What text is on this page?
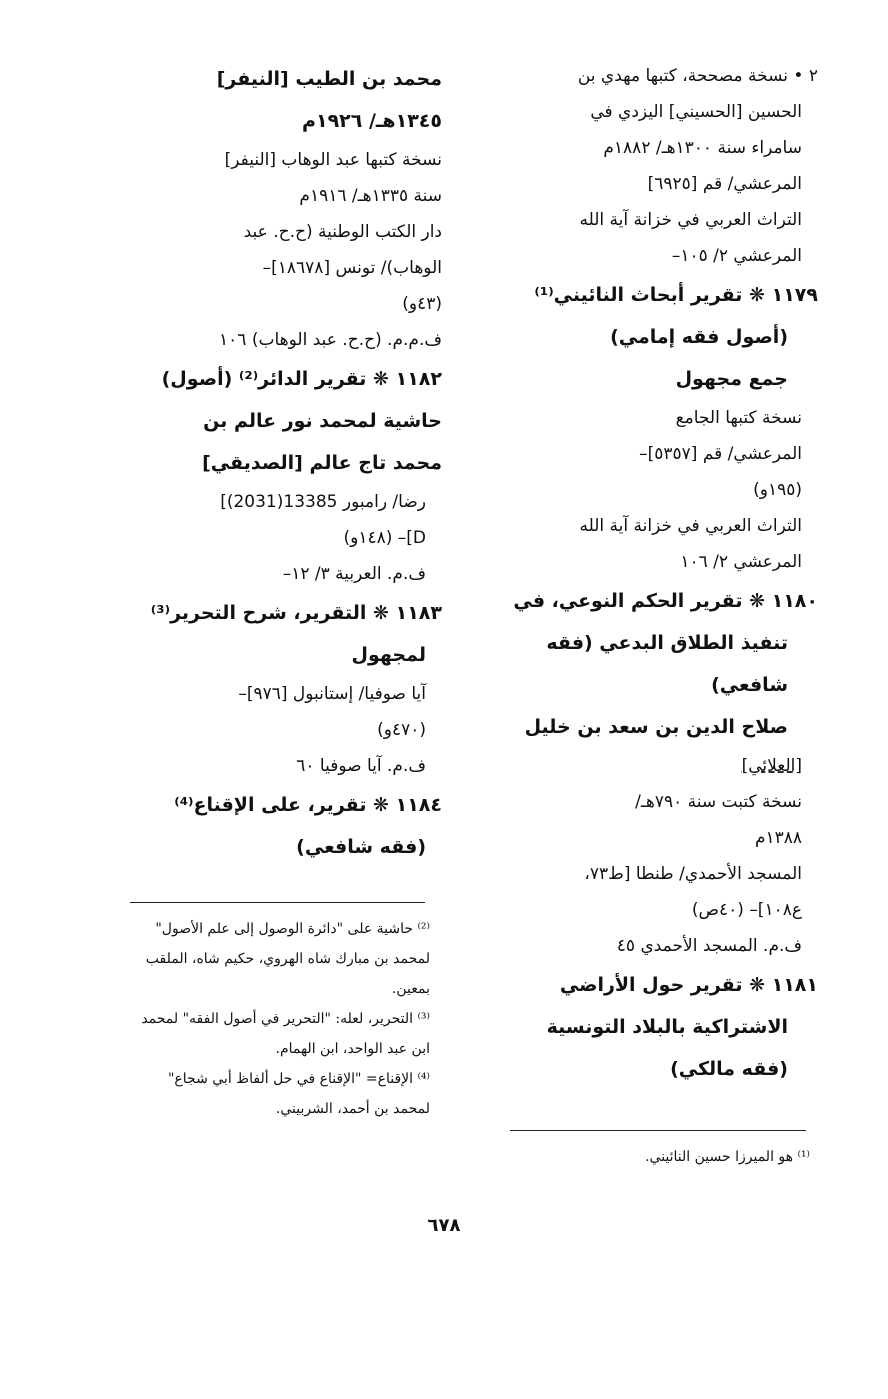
٢ • نسخة مصححة، كتبها مهدي بن
الحسين [الحسيني] اليزدي في
سامراء سنة ١٣٠٠هـ/ ١٨٨٢م
المرعشي/ قم [٦٩٢٥]
التراث العربي في خزانة آية الله
المرعشي ٢/ ١٠٥–
١١٧٩ ❋ تقرير أبحاث النائيني⁽¹⁾
(أصول فقه إمامي)
جمع مجهول
نسخة كتبها الجامع
المرعشي/ قم [٥٣٥٧]–
(١٩٥و)
التراث العربي في خزانة آية الله
المرعشي ٢/ ١٠٦
١١٨٠ ❋ تقرير الحكم النوعي، في
تنفيذ الطلاق البدعي (فقه
شافعي)
صلاح الدين بن سعد بن خليل
[العلائي]
نسخة كتبت سنة ٧٩٠هـ/
١٣٨٨م
المسجد الأحمدي/ طنطا [ط٧٣،
ع١٠٨]– (٤٠ص)
ف.م. المسجد الأحمدي ٤٥
١١٨١ ❋ تقرير حول الأراضي
الاشتراكية بالبلاد التونسية
(فقه مالكي)
محمد بن الطيب [النيفر]
١٣٤٥هـ/ ١٩٢٦م
نسخة كتبها عبد الوهاب [النيفر]
سنة ١٣٣٥هـ/ ١٩١٦م
دار الكتب الوطنية (ح.ح. عبد
الوهاب)/ تونس [١٨٦٧٨]–
(٤٣و)
ف.م.م. (ح.ح. عبد الوهاب) ١٠٦
١١٨٢ ❋ تقرير الدائر⁽²⁾ (أصول)
حاشية لمحمد نور عالم بن
محمد تاج عالم [الصديقي]
رضا/ رامبور 13385(2031)]
D]– (١٤٨و)
ف.م. العربية ٣/ ١٢–
١١٨٣ ❋ التقرير، شرح التحرير⁽³⁾
لمجهول
آيا صوفيا/ إستانبول [٩٧٦]–
(٤٧٠و)
ف.م. آيا صوفيا ٦٠
١١٨٤ ❋ تقرير، على الإقناع⁽⁴⁾
(فقه شافعي)
⁽²⁾ حاشية على "دائرة الوصول إلى علم الأصول"
لمحمد بن مبارك شاه الهروي، حكيم شاه، الملقب
بمعين.
⁽³⁾ التحرير، لعله: "التحرير في أصول الفقه" لمحمد
ابن عبد الواحد، ابن الهمام.
⁽⁴⁾ الإقناع= "الإقناع في حل ألفاظ أبي شجاع"
لمحمد بن أحمد، الشربيني.
⁽¹⁾ هو الميرزا حسين النائيني.
٦٧٨
